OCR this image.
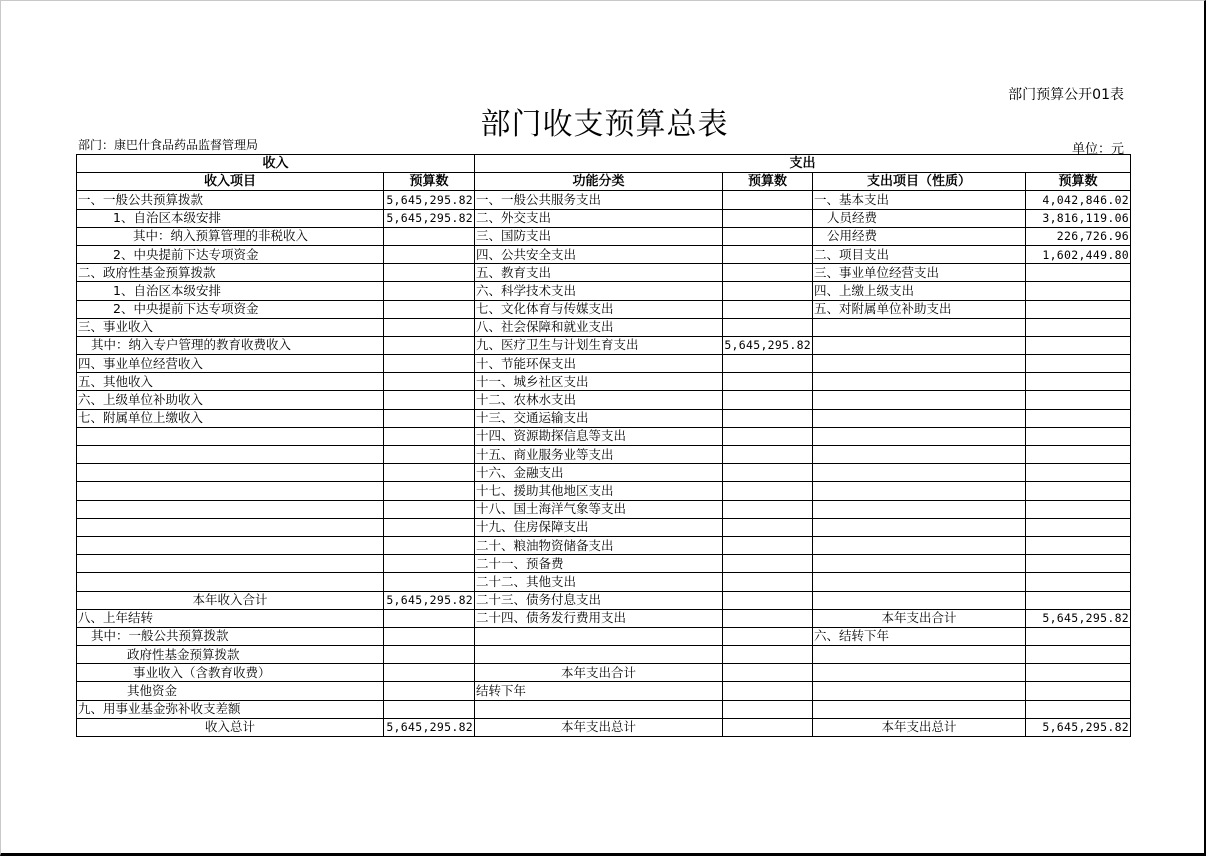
部门预算公开01表
部门收支预算总表
部门：康巴什食品药品监督管理局	单位：元
收入		支出			
收入项目	预算数	功能分类	预算数	支出项目（性质）	预算数
一、一般公共预算拨款	5,645,295.82	一、一般公共服务支出		一、基本支出	4,042,846.02
1、自治区本级安排	5,645,295.82	二、外交支出		人员经费	3,816,119.06
其中：纳入预算管理的非税收入		三、国防支出		公用经费	226,726.96
2、中央提前下达专项资金		四、公共安全支出		二、项目支出	1,602,449.80
二、政府性基金预算拨款		五、教育支出		三、事业单位经营支出	
1、自治区本级安排		六、科学技术支出		四、上缴上级支出	
2、中央提前下达专项资金		七、文化体育与传媒支出		五、对附属单位补助支出	
三、事业收入		八、社会保障和就业支出			
其中：纳入专户管理的教育收费收入		九、医疗卫生与计划生育支出	5,645,295.82		
四、事业单位经营收入		十、节能环保支出			
五、其他收入		十一、城乡社区支出			
六、上级单位补助收入		十二、农林水支出			
七、附属单位上缴收入		十三、交通运输支出			
		十四、资源勘探信息等支出			
		十五、商业服务业等支出			
		十六、金融支出			
		十七、援助其他地区支出			
		十八、国土海洋气象等支出			
		十九、住房保障支出			
		二十、粮油物资储备支出			
		二十一、预备费			
		二十二、其他支出			
本年收入合计	5,645,295.82	二十三、债务付息支出			
八、上年结转		二十四、债务发行费用支出		本年支出合计	5,645,295.82
其中：一般公共预算拨款				六、结转下年	
政府性基金预算拨款					
事业收入（含教育收费）		本年支出合计			
其他资金		结转下年			
九、用事业基金弥补收支差额					
收入总计	5,645,295.82	本年支出总计		本年支出总计	5,645,295.82
